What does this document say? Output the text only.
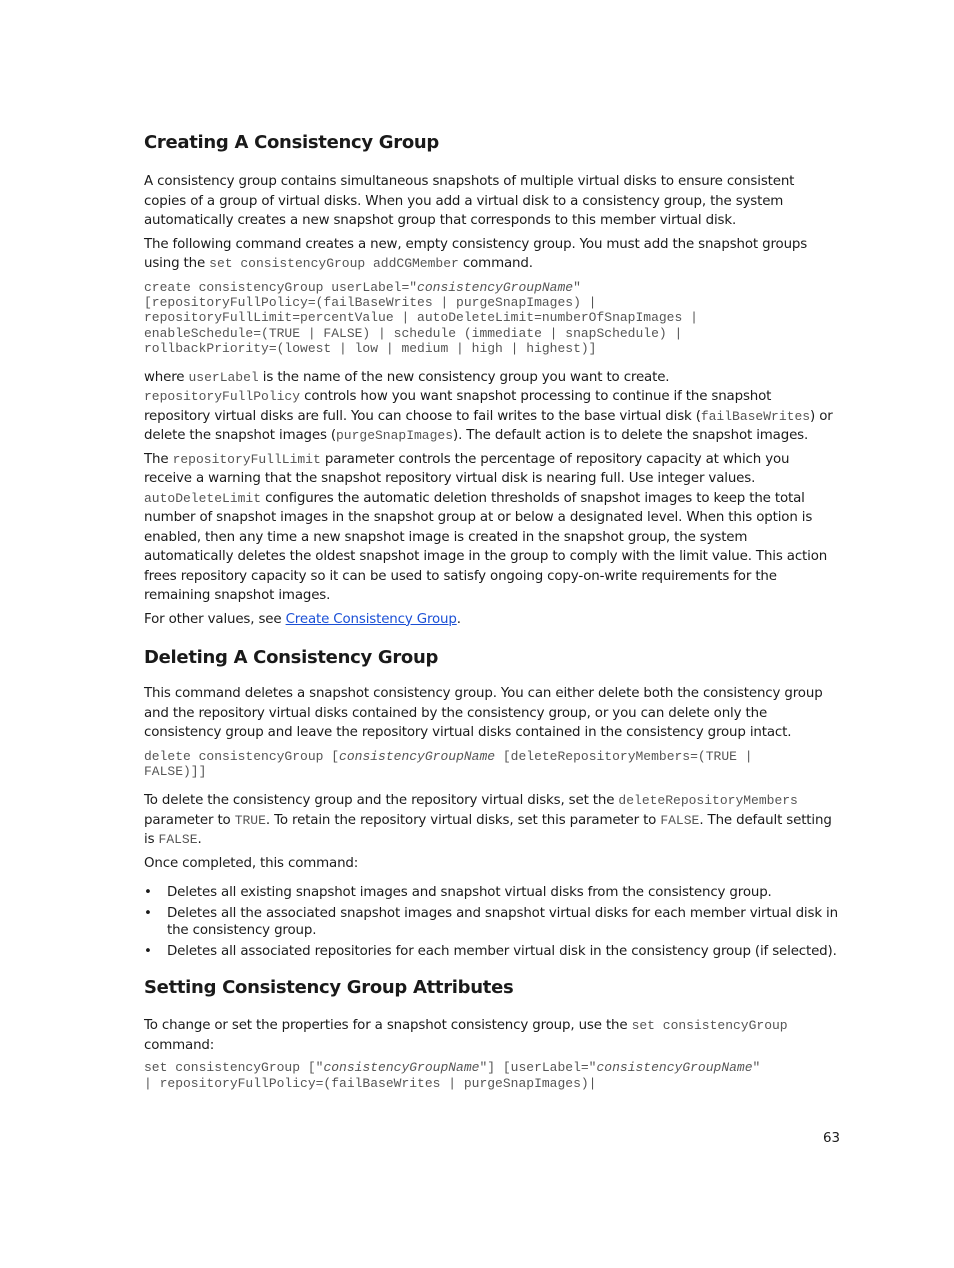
Creating A Consistency Group

A consistency group contains simultaneous snapshots of multiple virtual disks to ensure consistent copies of a group of virtual disks. When you add a virtual disk to a consistency group, the system automatically creates a new snapshot group that corresponds to this member virtual disk.

The following command creates a new, empty consistency group. You must add the snapshot groups using the set consistencyGroup addCGMember command.

create consistencyGroup userLabel="consistencyGroupName"
[repositoryFullPolicy=(failBaseWrites | purgeSnapImages) |
repositoryFullLimit=percentValue | autoDeleteLimit=numberOfSnapImages |
enableSchedule=(TRUE | FALSE) | schedule (immediate | snapSchedule) |
rollbackPriority=(lowest | low | medium | high | highest)]

where userLabel is the name of the new consistency group you want to create.

repositoryFullPolicy controls how you want snapshot processing to continue if the snapshot repository virtual disks are full. You can choose to fail writes to the base virtual disk (failBaseWrites) or delete the snapshot images (purgeSnapImages). The default action is to delete the snapshot images.

The repositoryFullLimit parameter controls the percentage of repository capacity at which you receive a warning that the snapshot repository virtual disk is nearing full. Use integer values. autoDeleteLimit configures the automatic deletion thresholds of snapshot images to keep the total number of snapshot images in the snapshot group at or below a designated level. When this option is enabled, then any time a new snapshot image is created in the snapshot group, the system automatically deletes the oldest snapshot image in the group to comply with the limit value. This action frees repository capacity so it can be used to satisfy ongoing copy-on-write requirements for the remaining snapshot images.

For other values, see Create Consistency Group.

Deleting A Consistency Group

This command deletes a snapshot consistency group. You can either delete both the consistency group and the repository virtual disks contained by the consistency group, or you can delete only the consistency group and leave the repository virtual disks contained in the consistency group intact.

delete consistencyGroup [consistencyGroupName [deleteRepositoryMembers=(TRUE |
FALSE)]]

To delete the consistency group and the repository virtual disks, set the deleteRepositoryMembers parameter to TRUE. To retain the repository virtual disks, set this parameter to FALSE. The default setting is FALSE.

Once completed, this command:

• Deletes all existing snapshot images and snapshot virtual disks from the consistency group.
• Deletes all the associated snapshot images and snapshot virtual disks for each member virtual disk in the consistency group.
• Deletes all associated repositories for each member virtual disk in the consistency group (if selected).
Setting Consistency Group Attributes

To change or set the properties for a snapshot consistency group, use the set consistencyGroup command:

set consistencyGroup ["consistencyGroupName"] [userLabel="consistencyGroupName"
| repositoryFullPolicy=(failBaseWrites | purgeSnapImages)|
63
